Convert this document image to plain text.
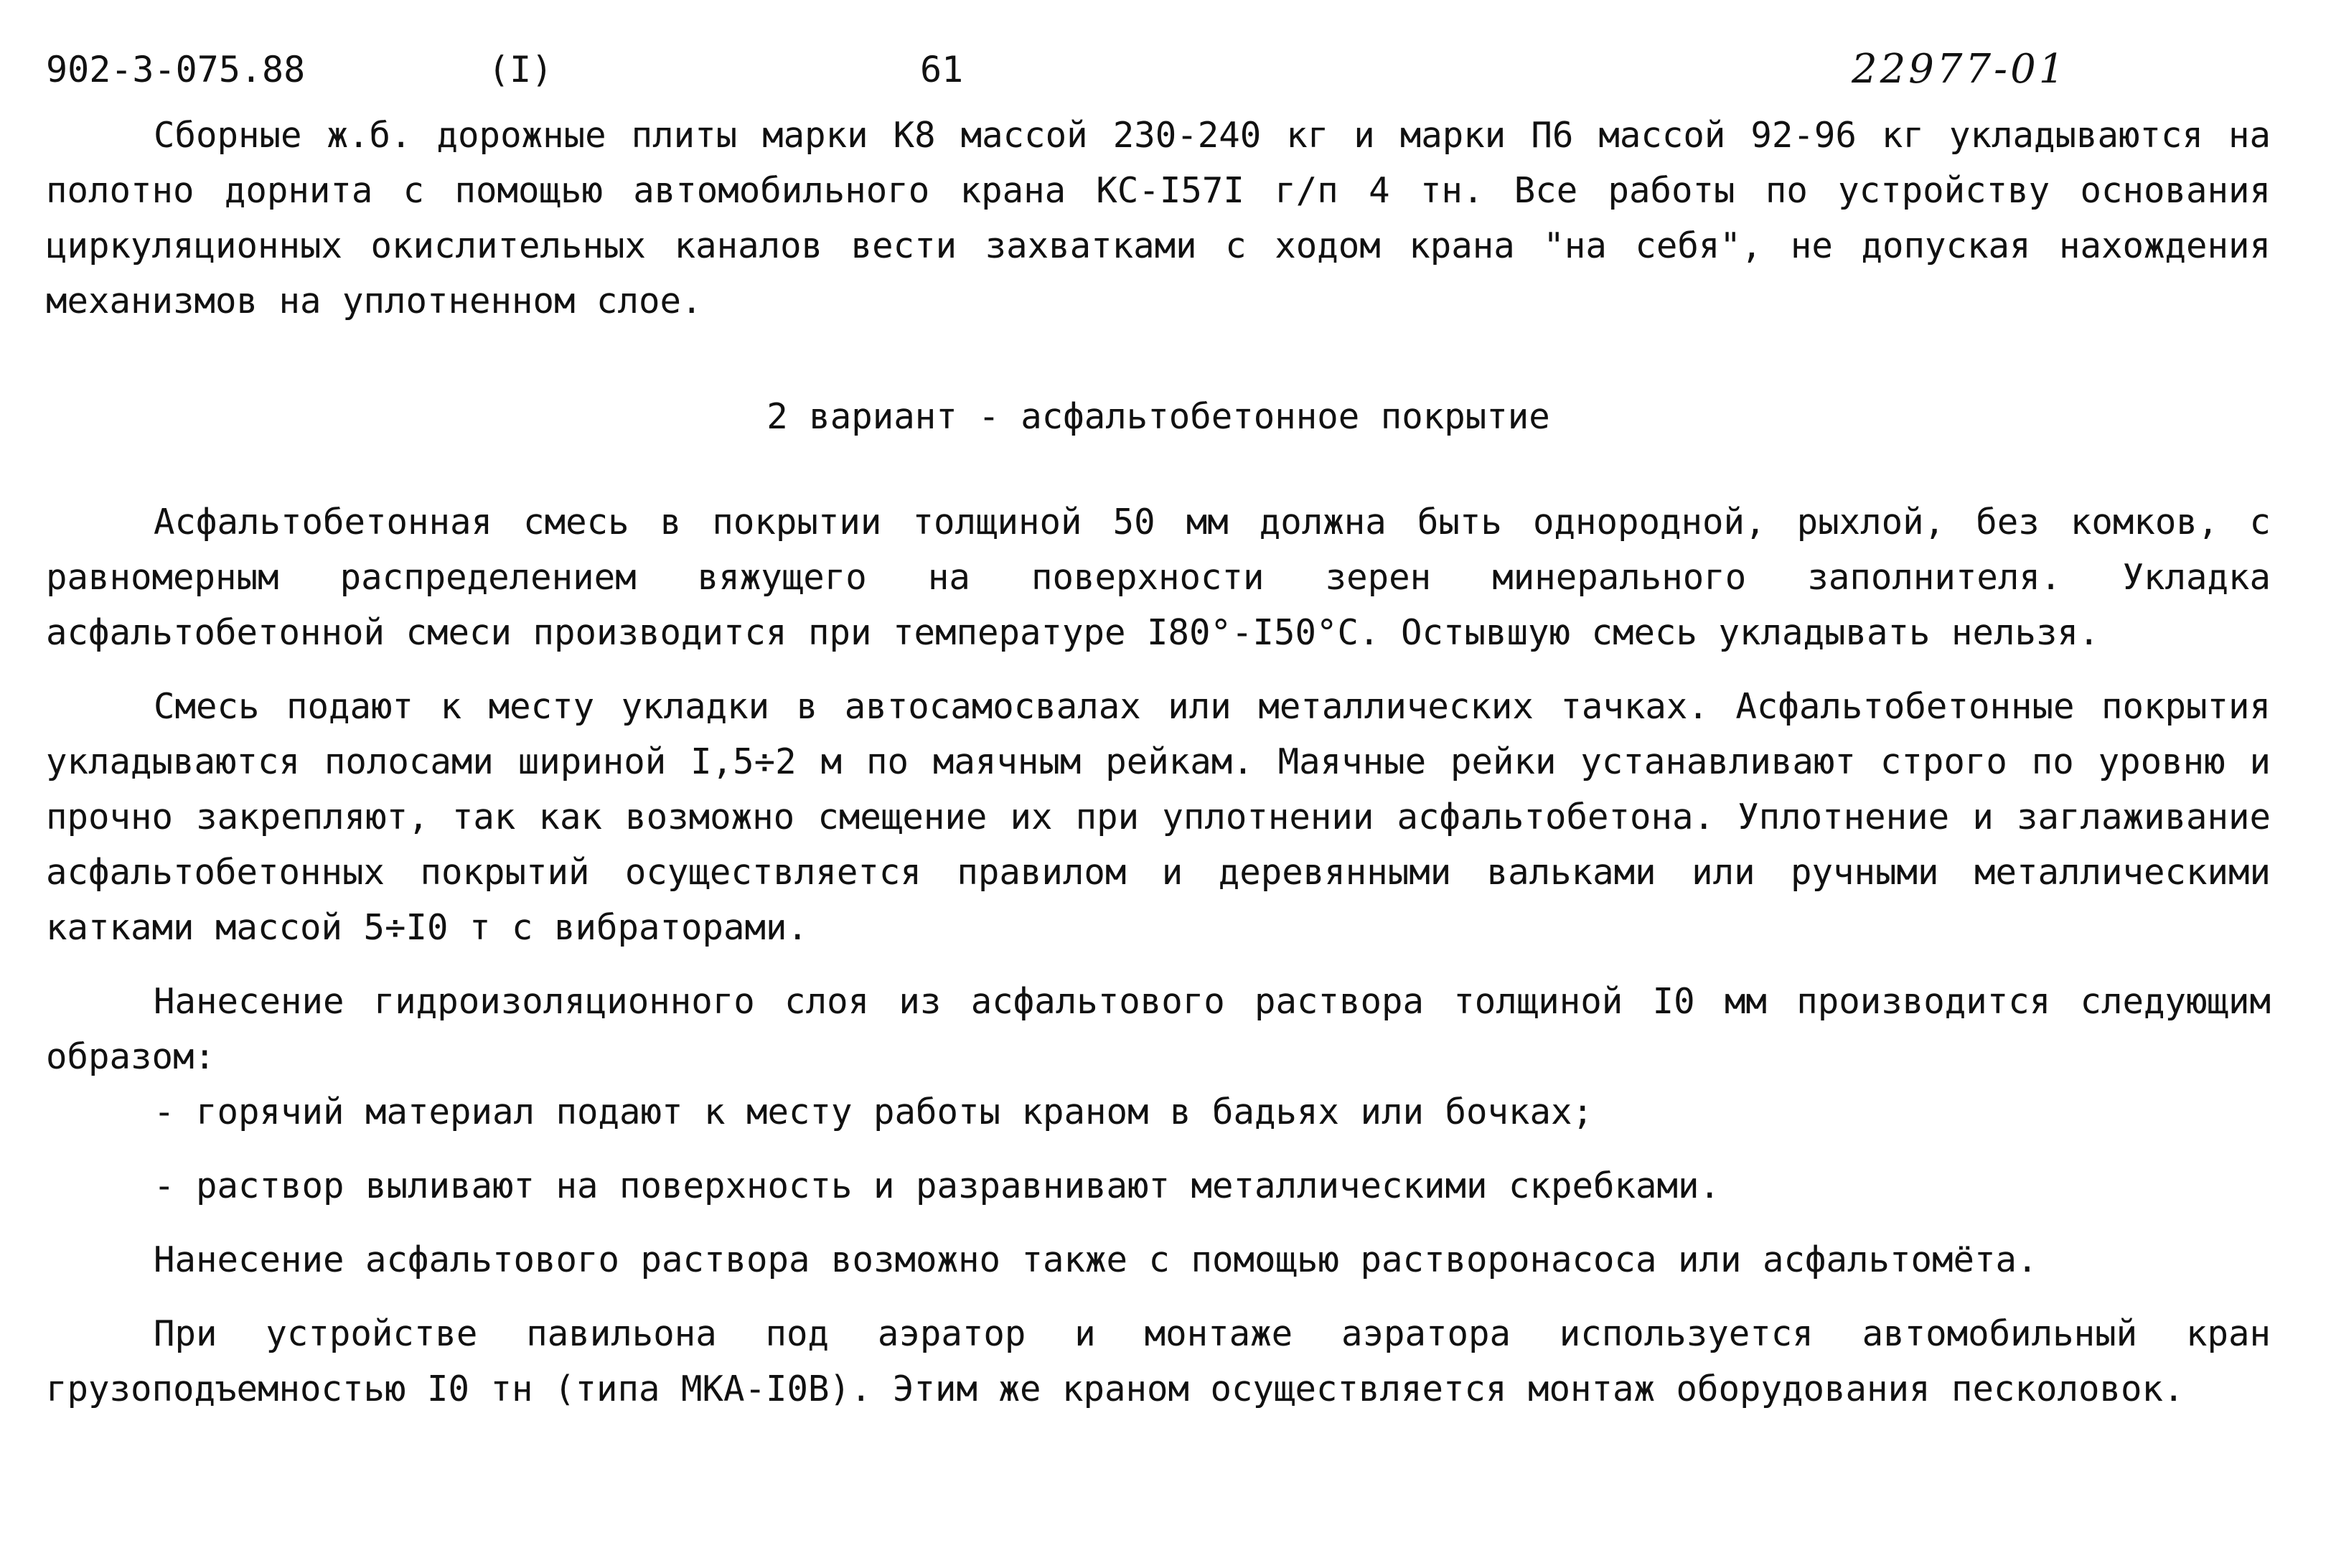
902-3-075.88	(I)	61	22977-01

Сборные ж.б. дорожные плиты марки К8 массой 230-240 кг и марки П6 массой 92-96 кг укладываются на полотно дорнита с помощью автомобильного крана КС-I57I г/п 4 тн. Все работы по устройству основания циркуляционных окислительных каналов вести захватками с ходом крана "на себя", не допуская нахождения механизмов на уплотненном слое.

2 вариант - асфальтобетонное покрытие

Асфальтобетонная смесь в покрытии толщиной 50 мм должна быть однородной, рыхлой, без комков, с равномерным распределением вяжущего на поверхности зерен минерального заполнителя. Укладка асфальтобетонной смеси производится при температуре I80°-I50°С. Остывшую смесь укладывать нельзя.

Смесь подают к месту укладки в автосамосвалах или металлических тачках. Асфальтобетонные покрытия укладываются полосами шириной I,5÷2 м по маячным рейкам. Маячные рейки устанавливают строго по уровню и прочно закрепляют, так как возможно смещение их при уплотнении асфальтобетона. Уплотнение и заглаживание асфальтобетонных покрытий осуществляется правилом и деревянными вальками или ручными металлическими катками массой 5÷I0 т с вибраторами.

Нанесение гидроизоляционного слоя из асфальтового раствора толщиной I0 мм производится следующим образом:

- горячий материал подают к месту работы краном в бадьях или бочках;
- раствор выливают на поверхность и разравнивают металлическими скребками.

Нанесение асфальтового раствора возможно также с помощью растворонасоса или асфальтомёта.

При устройстве павильона под аэратор и монтаже аэратора используется автомобильный кран грузоподъемностью I0 тн (типа МКА-I0В). Этим же краном осуществляется монтаж оборудования песколовок.
